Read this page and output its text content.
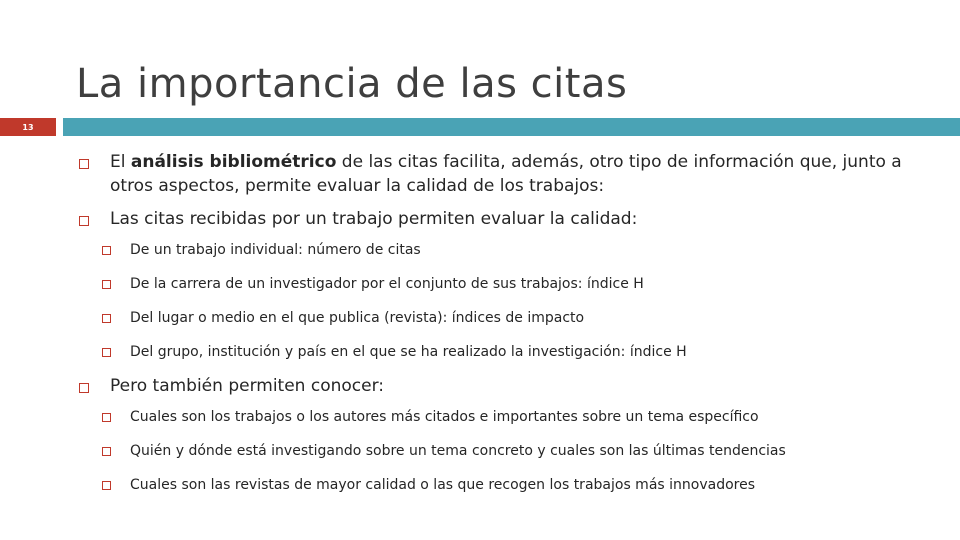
La importancia de las citas
13
El análisis bibliométrico de las citas facilita, además, otro tipo de información que, junto a otros aspectos, permite evaluar la calidad de los trabajos:
Las citas recibidas por un trabajo permiten evaluar la calidad:
De un trabajo individual: número de citas
De la carrera de un investigador por el conjunto de sus trabajos: índice H
Del lugar o medio en el que publica (revista): índices de impacto
Del grupo, institución y país en el que se ha realizado la investigación: índice H
Pero también permiten conocer:
Cuales son los trabajos o los autores más citados e importantes sobre un tema específico
Quién y dónde está investigando sobre un tema concreto y cuales son las últimas tendencias
Cuales son las revistas de mayor calidad o las que recogen los trabajos más innovadores
